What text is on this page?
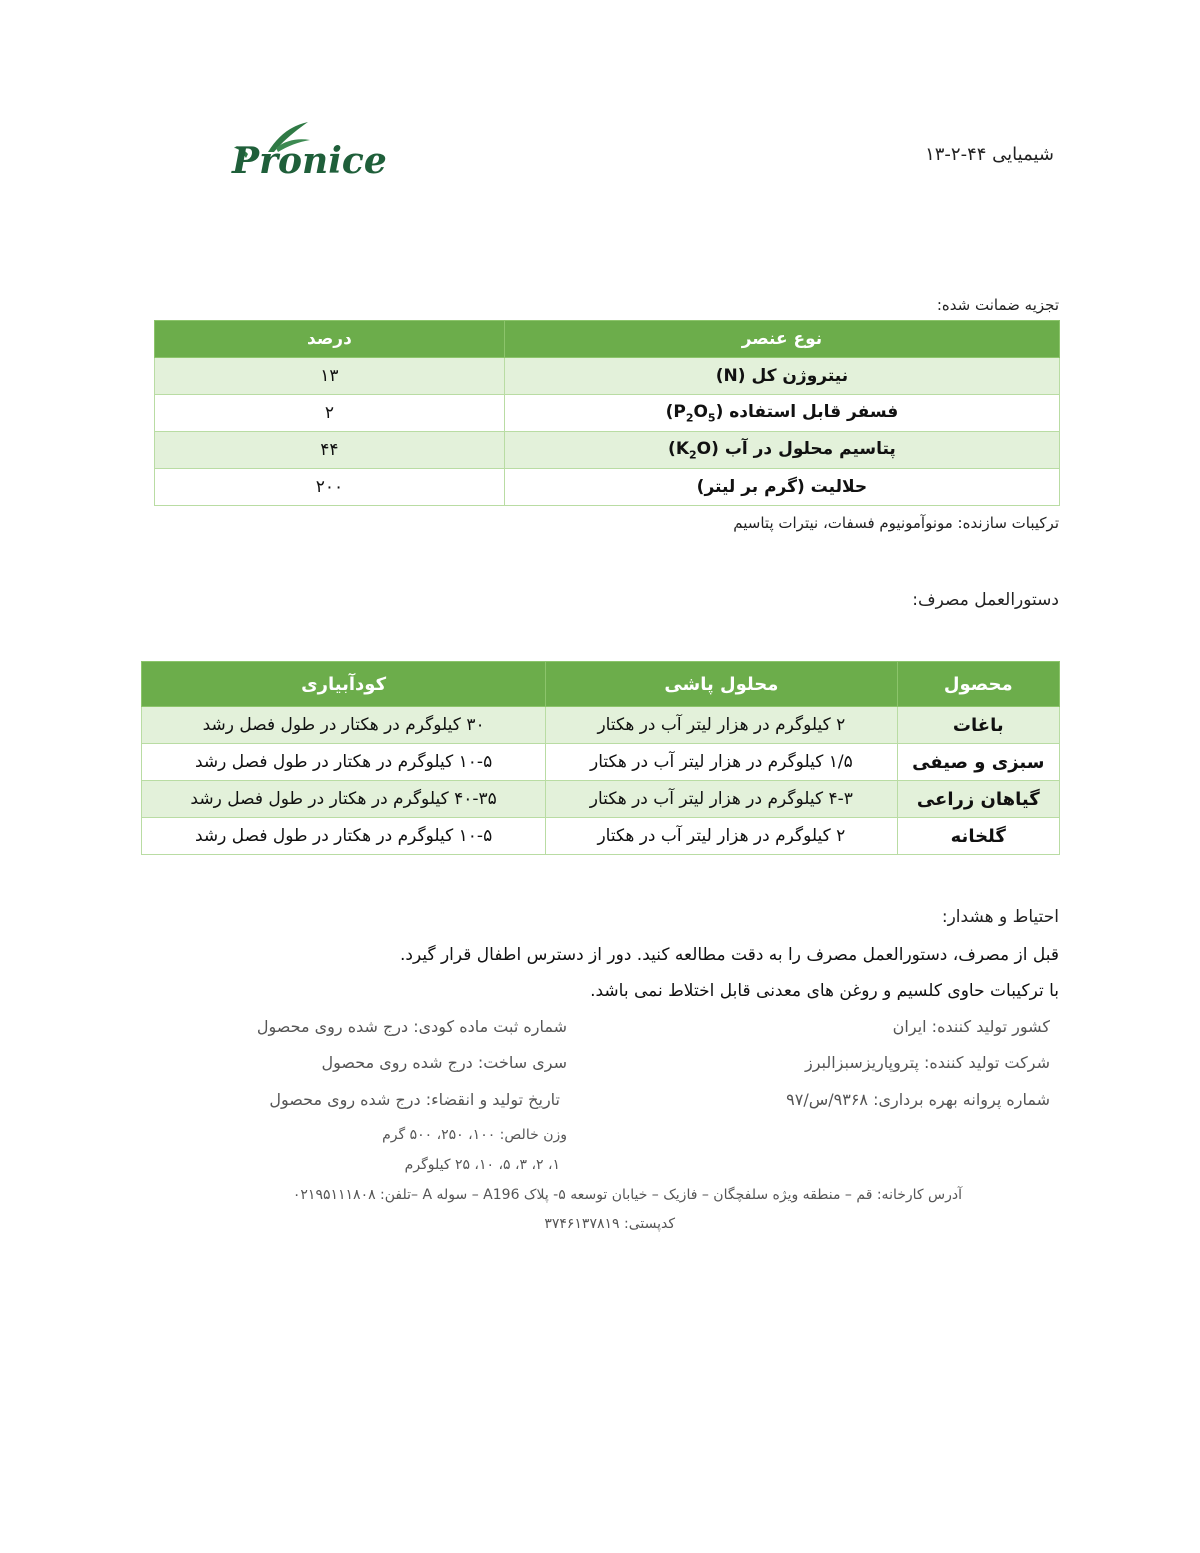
Pronice	شیمیایی ۴۴-۲-۱۳
تجزیه ضمانت شده:
نوع عنصر	درصد
نیتروژن کل (N)	۱۳
فسفر قابل استفاده $(P_2O_5)$	۲
پتاسیم محلول در آب $(K_2O)$	۴۴
حلالیت (گرم بر لیتر)	۲۰۰
ترکیبات سازنده: مونوآمونیوم فسفات، نیترات پتاسیم
دستورالعمل مصرف:
محصول	محلول پاشی	کودآبیاری
باغات	۲ کیلوگرم در هزار لیتر آب در هکتار	۳۰ کیلوگرم در هکتار در طول فصل رشد
سبزی و صیفی	۱/۵ کیلوگرم در هزار لیتر آب در هکتار	۱۰-۵ کیلوگرم در هکتار در طول فصل رشد
گیاهان زراعی	۴-۳ کیلوگرم در هزار لیتر آب در هکتار	۴۰-۳۵ کیلوگرم در هکتار در طول فصل رشد
گلخانه	۲ کیلوگرم در هزار لیتر آب در هکتار	۱۰-۵ کیلوگرم در هکتار در طول فصل رشد
احتیاط و هشدار:
قبل از مصرف، دستورالعمل مصرف را به دقت مطالعه کنید. دور از دسترس اطفال قرار گیرد.
با ترکیبات حاوی کلسیم و روغن های معدنی قابل اختلاط نمی باشد.
کشور تولید کننده: ایران
شرکت تولید کننده: پتروپاریزسبزالبرز
شماره پروانه بهره برداری: ۹۳۶۸/س/۹۷
شماره ثبت ماده کودی: درج شده روی محصول
سری ساخت: درج شده روی محصول
تاریخ تولید و انقضاء: درج شده روی محصول
وزن خالص: ۱۰۰، ۲۵۰، ۵۰۰ گرم
۱، ۲، ۳، ۵، ۱۰، ۲۵ کیلوگرم
آدرس کارخانه: قم – منطقه ویژه سلفچگان – فازیک – خیابان توسعه ۵- پلاک A196 – سوله A –تلفن: ۰۲۱۹۵۱۱۱۸۰۸
کدپستی: ۳۷۴۶۱۳۷۸۱۹
